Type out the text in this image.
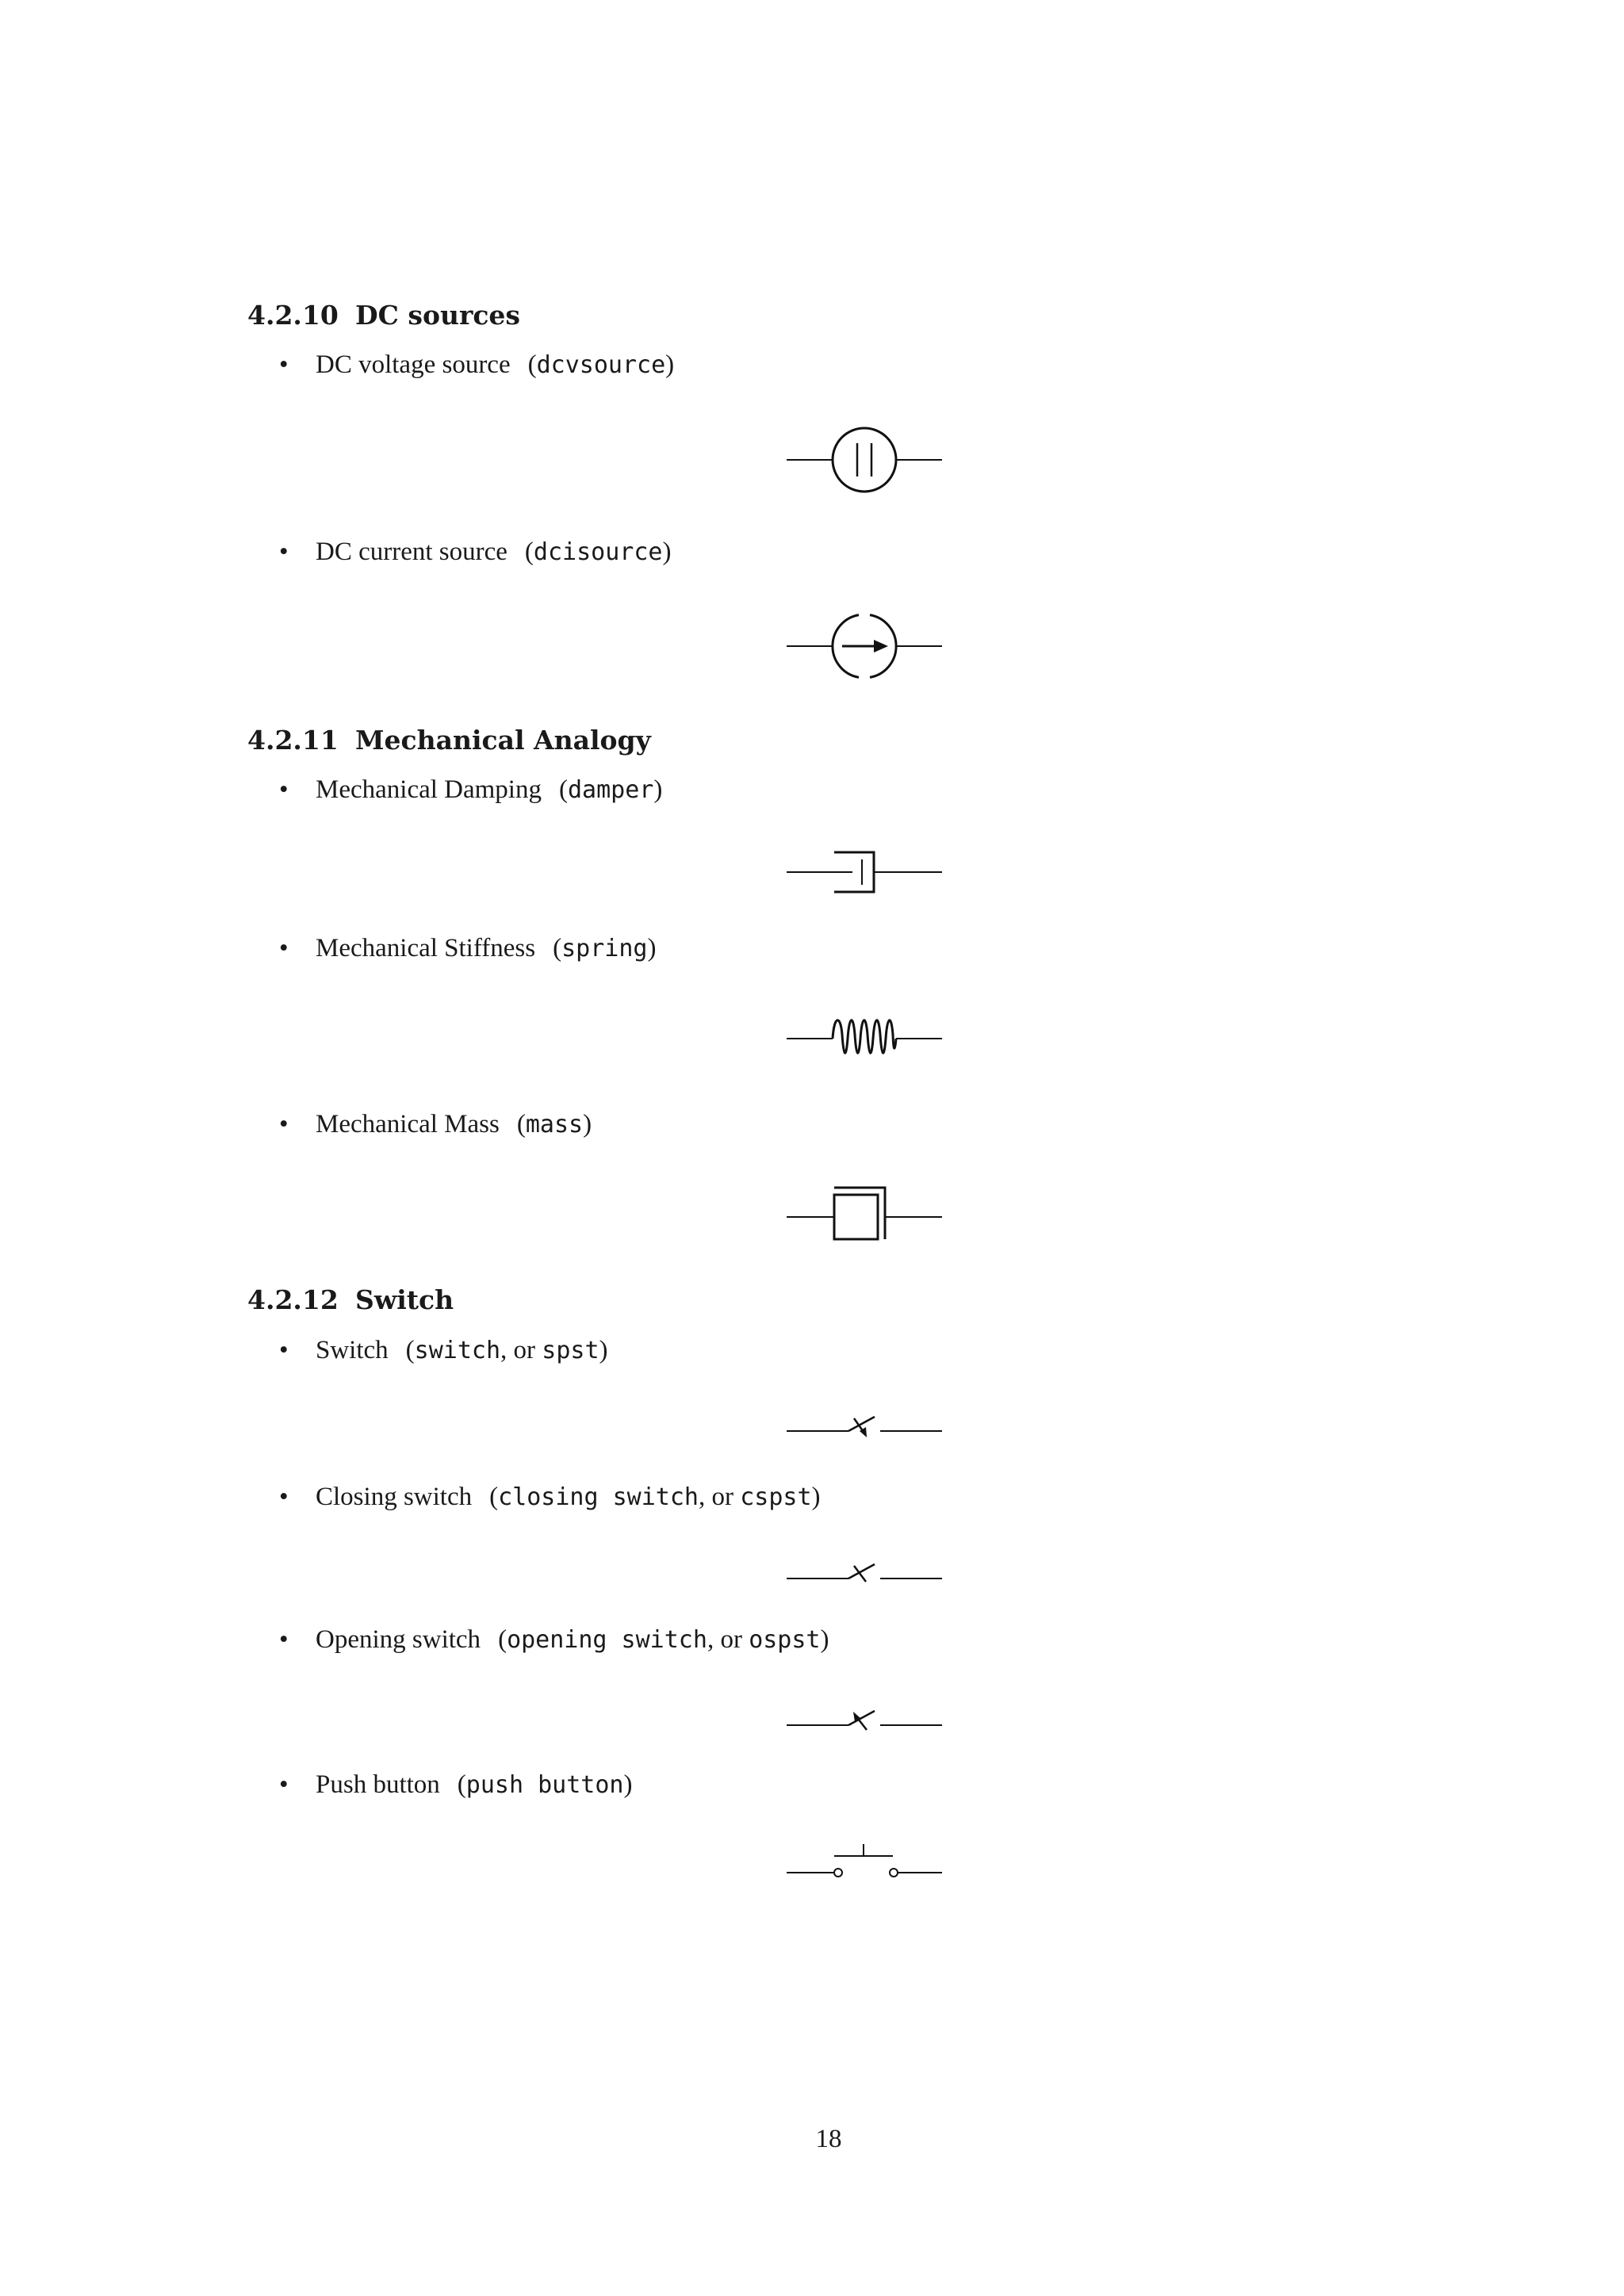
4.2.10 DC sources
• DC voltage source (dcvsource)
• DC current source (dcisource)
4.2.11 Mechanical Analogy
• Mechanical Damping (damper)
• Mechanical Stiffness (spring)
• Mechanical Mass (mass)
4.2.12 Switch
• Switch (switch, or spst)
• Closing switch (closing switch, or cspst)
• Opening switch (opening switch, or ospst)
• Push button (push button)
18
